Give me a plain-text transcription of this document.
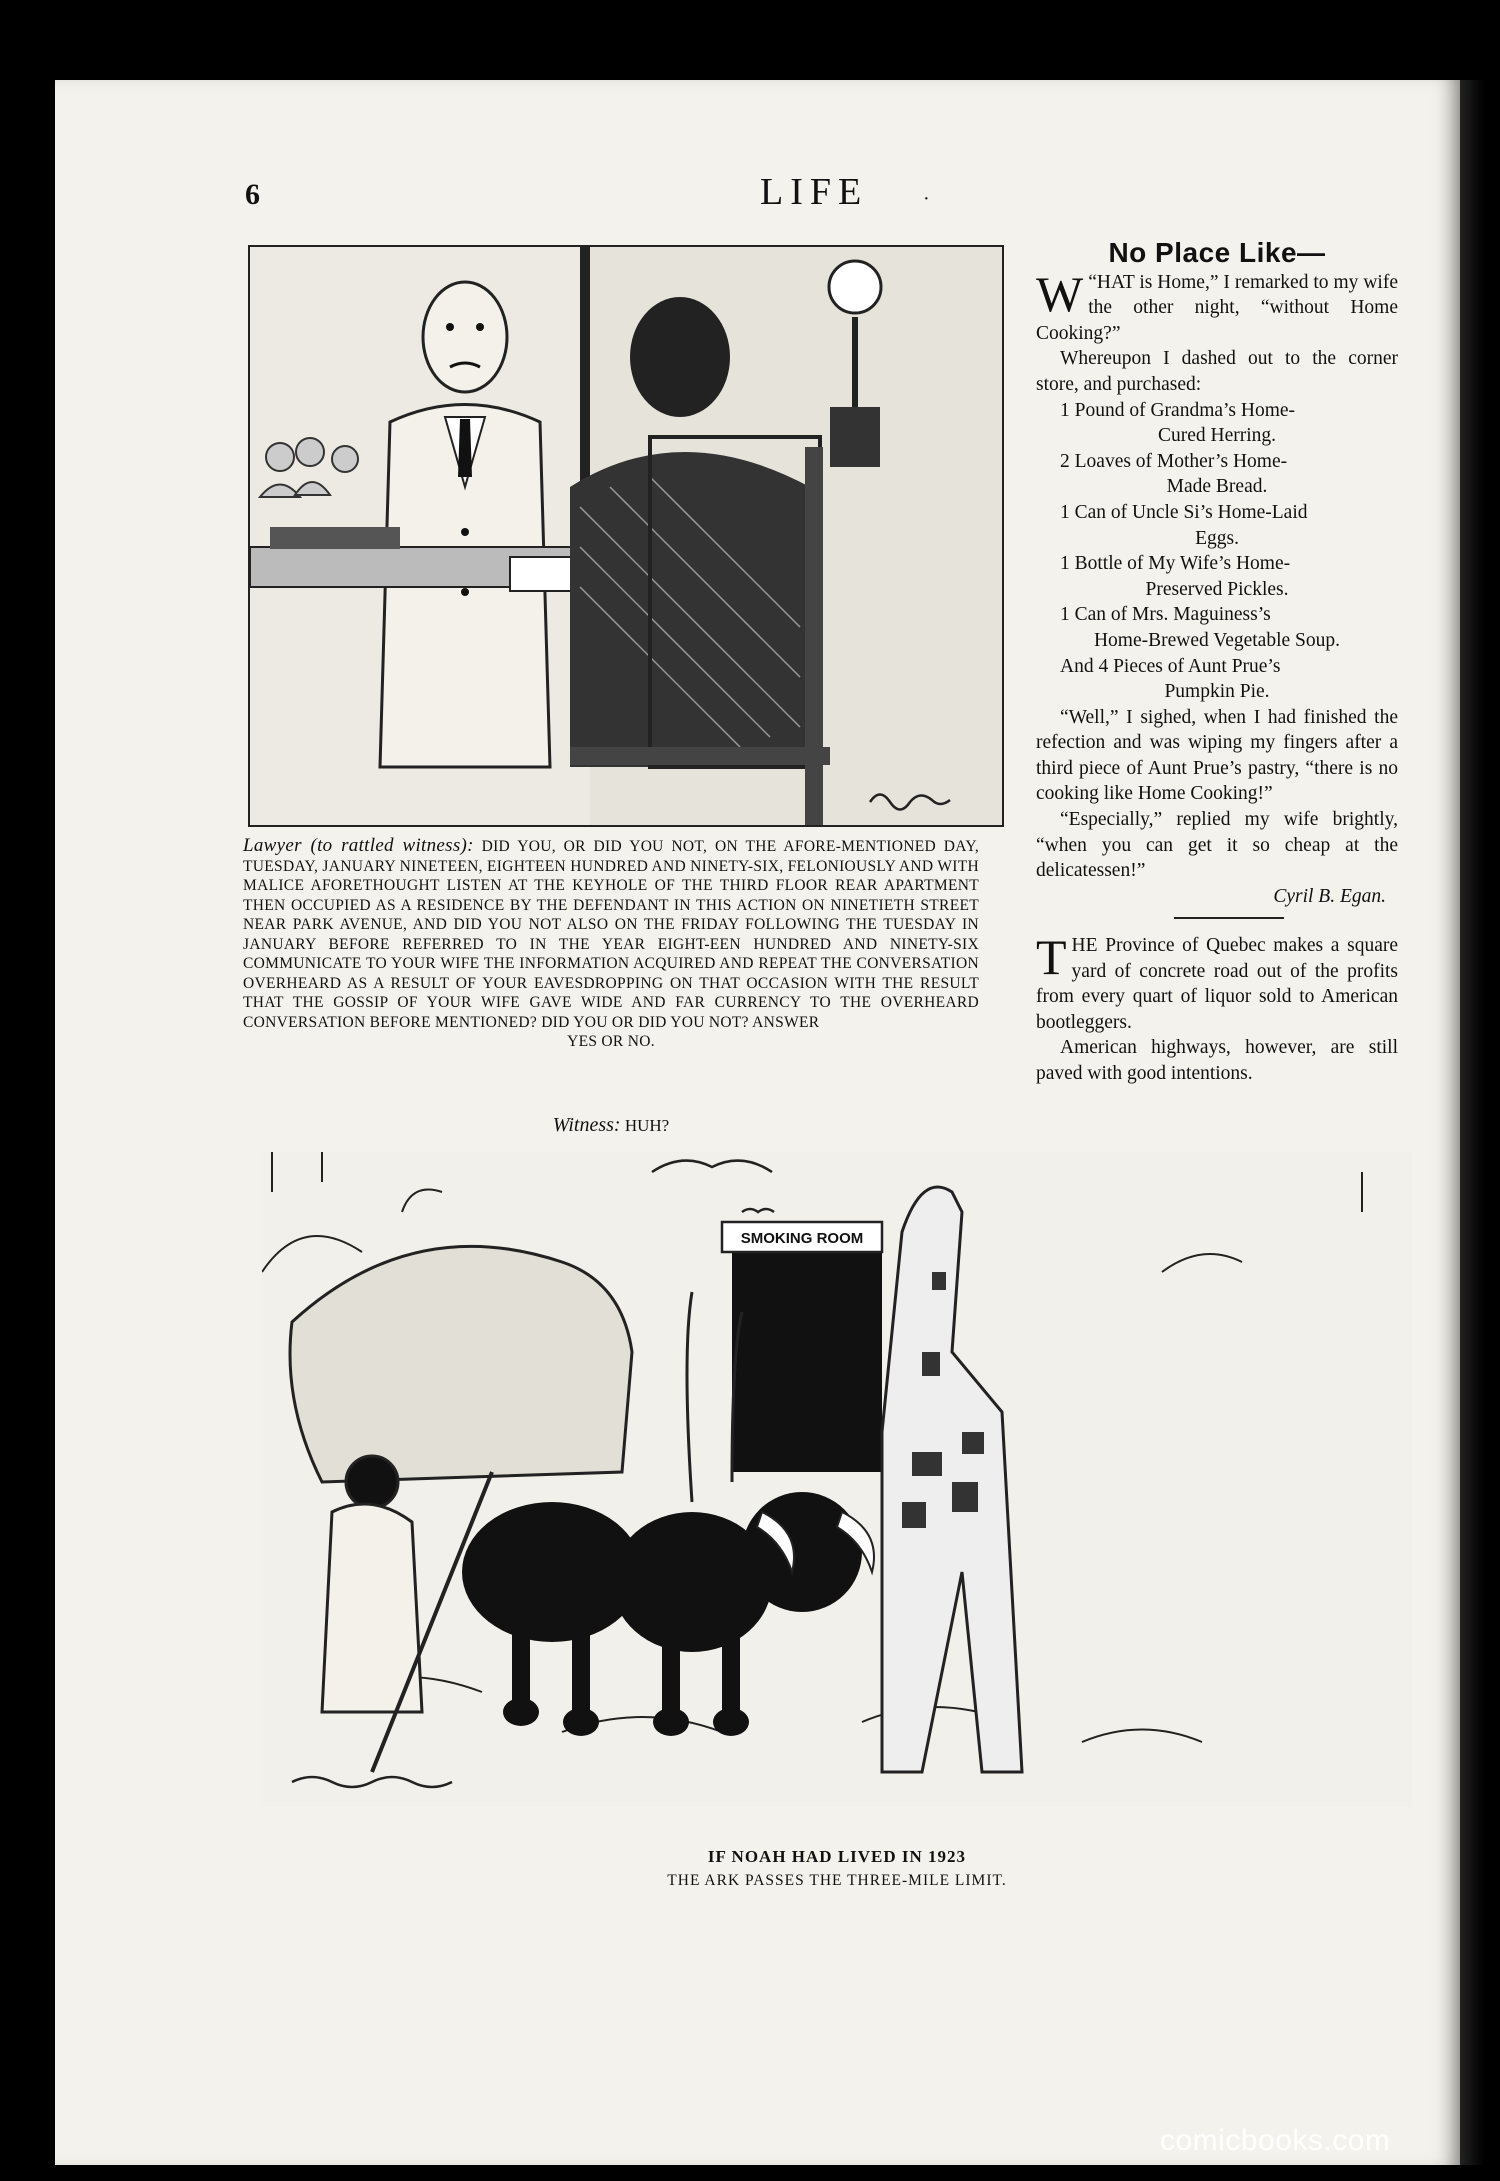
6	LIFE	·
Lawyer (to rattled witness): DID YOU, OR DID YOU NOT, ON THE AFORE-MENTIONED DAY, TUESDAY, JANUARY NINETEEN, EIGHTEEN HUNDRED AND NINETY-SIX, FELONIOUSLY AND WITH MALICE AFORETHOUGHT LISTEN AT THE KEYHOLE OF THE THIRD FLOOR REAR APARTMENT THEN OCCUPIED AS A RESIDENCE BY THE DEFENDANT IN THIS ACTION ON NINETIETH STREET NEAR PARK AVENUE, AND DID YOU NOT ALSO ON THE FRIDAY FOLLOWING THE TUESDAY IN JANUARY BEFORE REFERRED TO IN THE YEAR EIGHT-EEN HUNDRED AND NINETY-SIX COMMUNICATE TO YOUR WIFE THE INFORMATION ACQUIRED AND REPEAT THE CONVERSATION OVERHEARD AS A RESULT OF YOUR EAVESDROPPING ON THAT OCCASION WITH THE RESULT THAT THE GOSSIP OF YOUR WIFE GAVE WIDE AND FAR CURRENCY TO THE OVERHEARD CONVERSATION BEFORE MENTIONED? DID YOU OR DID YOU NOT? ANSWER
YES OR NO.
Witness: HUH?
No Place Like—

W “HAT is Home,” I remarked to my wife the other night, “without Home Cooking?”

Whereupon I dashed out to the corner store, and purchased:

1 Pound of Grandma’s Home-
Cured Herring.

2 Loaves of Mother’s Home-
Made Bread.

1 Can of Uncle Si’s Home-Laid
Eggs.

1 Bottle of My Wife’s Home-
Preserved Pickles.

1 Can of Mrs. Maguiness’s
Home-Brewed Vegetable Soup.

And 4 Pieces of Aunt Prue’s
Pumpkin Pie.

“Well,” I sighed, when I had finished the refection and was wiping my fingers after a third piece of Aunt Prue’s pastry, “there is no cooking like Home Cooking!”

“Especially,” replied my wife brightly, “when you can get it so cheap at the delicatessen!”

Cyril B. Egan.

THE Province of Quebec makes a square yard of concrete road out of the profits from every quart of liquor sold to American bootleggers.

American highways, however, are still paved with good intentions.

SMOKING ROOM
IF NOAH HAD LIVED IN 1923
THE ARK PASSES THE THREE-MILE LIMIT.
comicbooks.com
